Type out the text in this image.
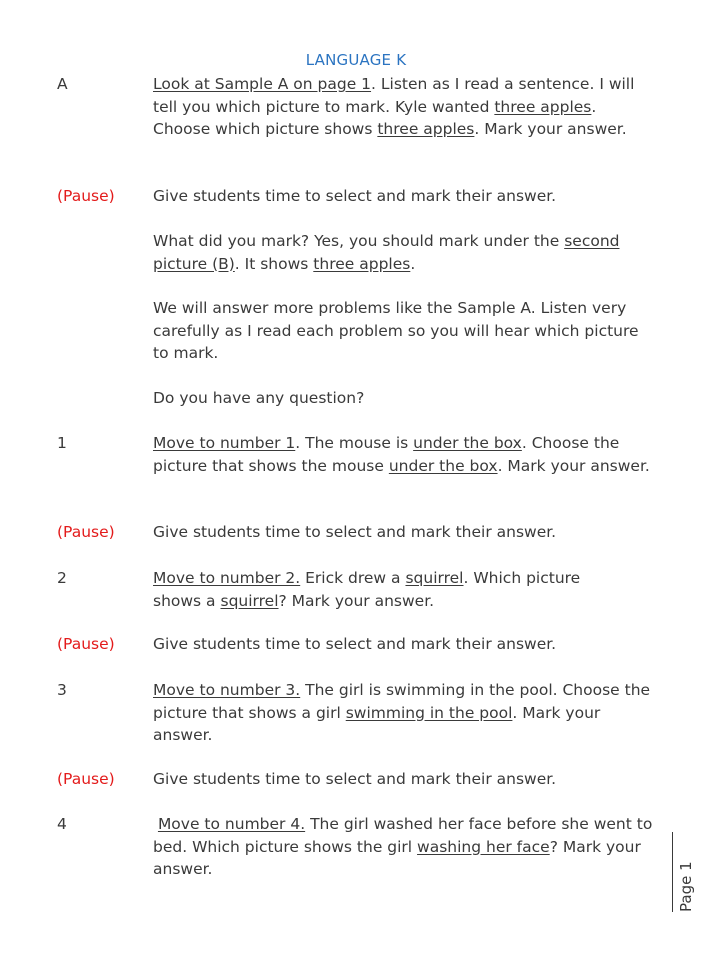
LANGUAGE K
A	Look at Sample A on page 1. Listen as I read a sentence. I will tell you which picture to mark. Kyle wanted three apples. Choose which picture shows three apples. Mark your answer.
(Pause) Give students time to select and mark their answer.
What did you mark? Yes, you should mark under the second picture (B). It shows three apples.
We will answer more problems like the Sample A. Listen very carefully as I read each problem so you will hear which picture to mark.
Do you have any question?
1	Move to number 1. The mouse is under the box. Choose the picture that shows the mouse under the box. Mark your answer.
(Pause) Give students time to select and mark their answer.
2	Move to number 2. Erick drew a squirrel. Which picture shows a squirrel? Mark your answer.
(Pause) Give students time to select and mark their answer.
3	Move to number 3. The girl is swimming in the pool. Choose the picture that shows a girl swimming in the pool. Mark your answer.
(Pause) Give students time to select and mark their answer.
4	Move to number 4. The girl washed her face before she went to bed. Which picture shows the girl washing her face? Mark your answer.	Page 1
